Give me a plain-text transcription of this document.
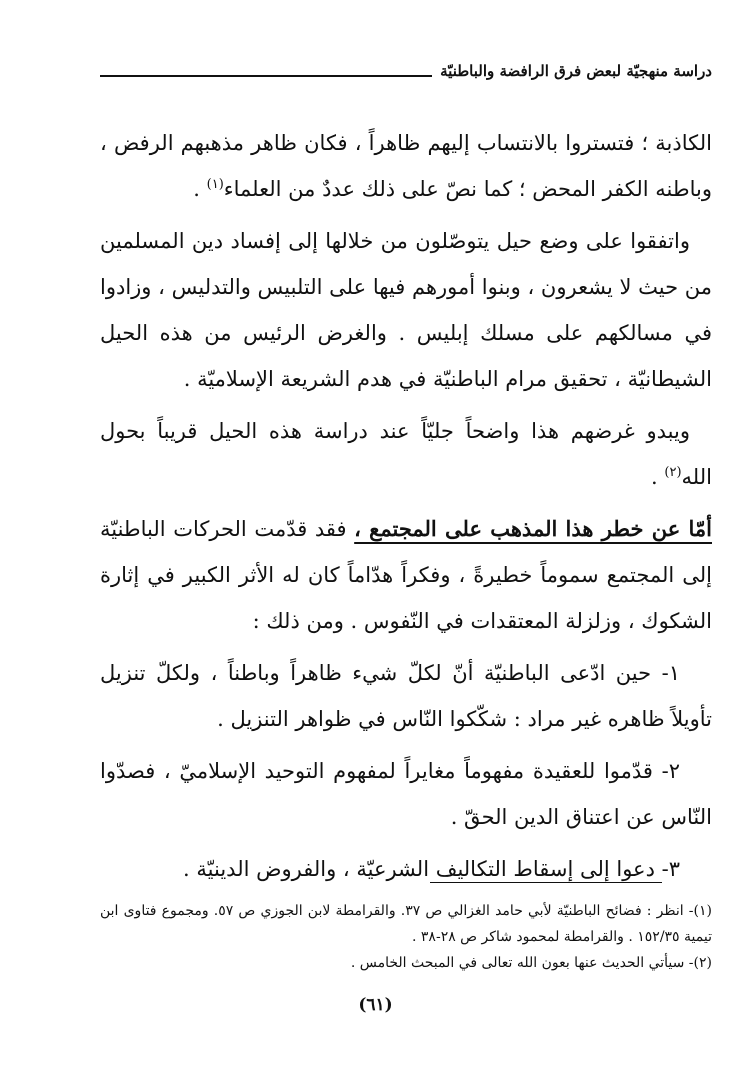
دراسة منهجيّة لبعض فرق الرافضة والباطنيّة

الكاذبة ؛ فتستروا بالانتساب إليهم ظاهراً ، فكان ظاهر مذهبهم الرفض ، وباطنه الكفر المحض ؛ كما نصّ على ذلك عددٌ من العلماء$^{(١)}$ .

واتفقوا على وضع حيل يتوصّلون من خلالها إلى إفساد دين المسلمين من حيث لا يشعرون ، وبنوا أمورهم فيها على التلبيس والتدليس ، وزادوا في مسالكهم على مسلك إبليس . والغرض الرئيس من هذه الحيل الشيطانيّة ، تحقيق مرام الباطنيّة في هدم الشريعة الإسلاميّة .

ويبدو غرضهم هذا واضحاً جليّاً عند دراسة هذه الحيل قريباً بحول الله$^{(٢)}$ .

أمّا عن خطر هذا المذهب على المجتمع ، فقد قدّمت الحركات الباطنيّة إلى المجتمع سموماً خطيرةً ، وفكراً هدّاماً كان له الأثر الكبير في إثارة الشكوك ، وزلزلة المعتقدات في النّفوس . ومن ذلك :

١- حين ادّعى الباطنيّة أنّ لكلّ شيء ظاهراً وباطناً ، ولكلّ تنزيل تأويلاً ظاهره غير مراد : شكّكوا النّاس في ظواهر التنزيل .

٢- قدّموا للعقيدة مفهوماً مغايراً لمفهوم التوحيد الإسلاميّ ، فصدّوا النّاس عن اعتناق الدين الحقّ .

٣- دعوا إلى إسقاط التكاليف الشرعيّة ، والفروض الدينيّة .

(١)- انظر : فضائح الباطنيّة لأبي حامد الغزالي ص ٣٧. والقرامطة لابن الجوزي ص ٥٧. ومجموع فتاوى ابن تيمية ١٥٢/٣٥ . والقرامطة لمحمود شاكر ص ٢٨-٣٨ .

(٢)- سيأتي الحديث عنها بعون الله تعالى في المبحث الخامس .

(٦١)
